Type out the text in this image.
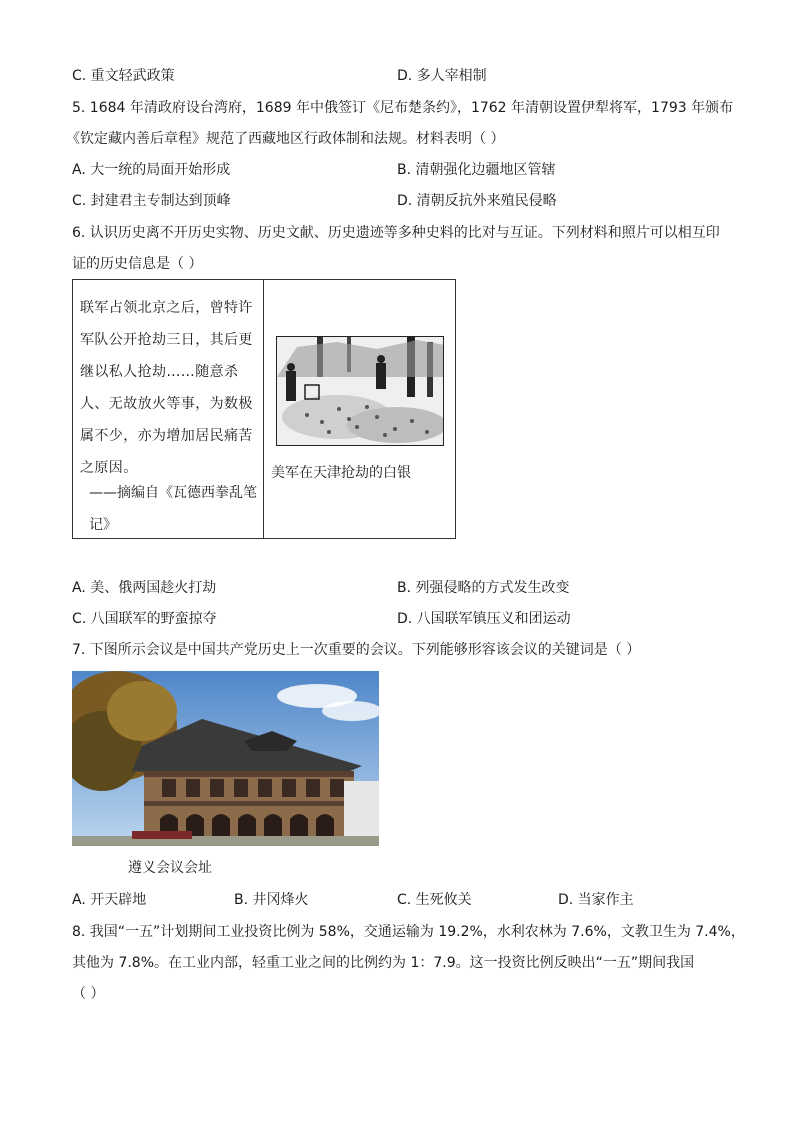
C. 重文轻武政策	D. 多人宰相制
5. 1684 年清政府设台湾府，1689 年中俄签订《尼布楚条约》，1762 年清朝设置伊犁将军，1793 年颁布
《钦定藏内善后章程》规范了西藏地区行政体制和法规。材料表明（ ）
A. 大一统的局面开始形成	B. 清朝强化边疆地区管辖
C. 封建君主专制达到顶峰	D. 清朝反抗外来殖民侵略
6. 认识历史离不开历史实物、历史文献、历史遗迹等多种史料的比对与互证。下列材料和照片可以相互印
证的历史信息是（ ）
联军占领北京之后，曾特许军队公开抢劫三日，其后更继以私人抢劫……随意杀人、无故放火等事，为数极属不少，亦为增加居民痛苦之原因。
——摘编自《瓦德西拳乱笔记》
美军在天津抢劫的白银
A. 美、俄两国趁火打劫	B. 列强侵略的方式发生改变
C. 八国联军的野蛮掠夺	D. 八国联军镇压义和团运动
7. 下图所示会议是中国共产党历史上一次重要的会议。下列能够形容该会议的关键词是（ ）
遵义会议会址
A. 开天辟地	B. 井冈烽火	C. 生死攸关	D. 当家作主
8. 我国“一五”计划期间工业投资比例为 58%，交通运输为 19.2%，水利农林为 7.6%，文教卫生为 7.4%，
其他为 7.8%。在工业内部，轻重工业之间的比例约为 1：7.9。这一投资比例反映出“一五”期间我国
（ ）
